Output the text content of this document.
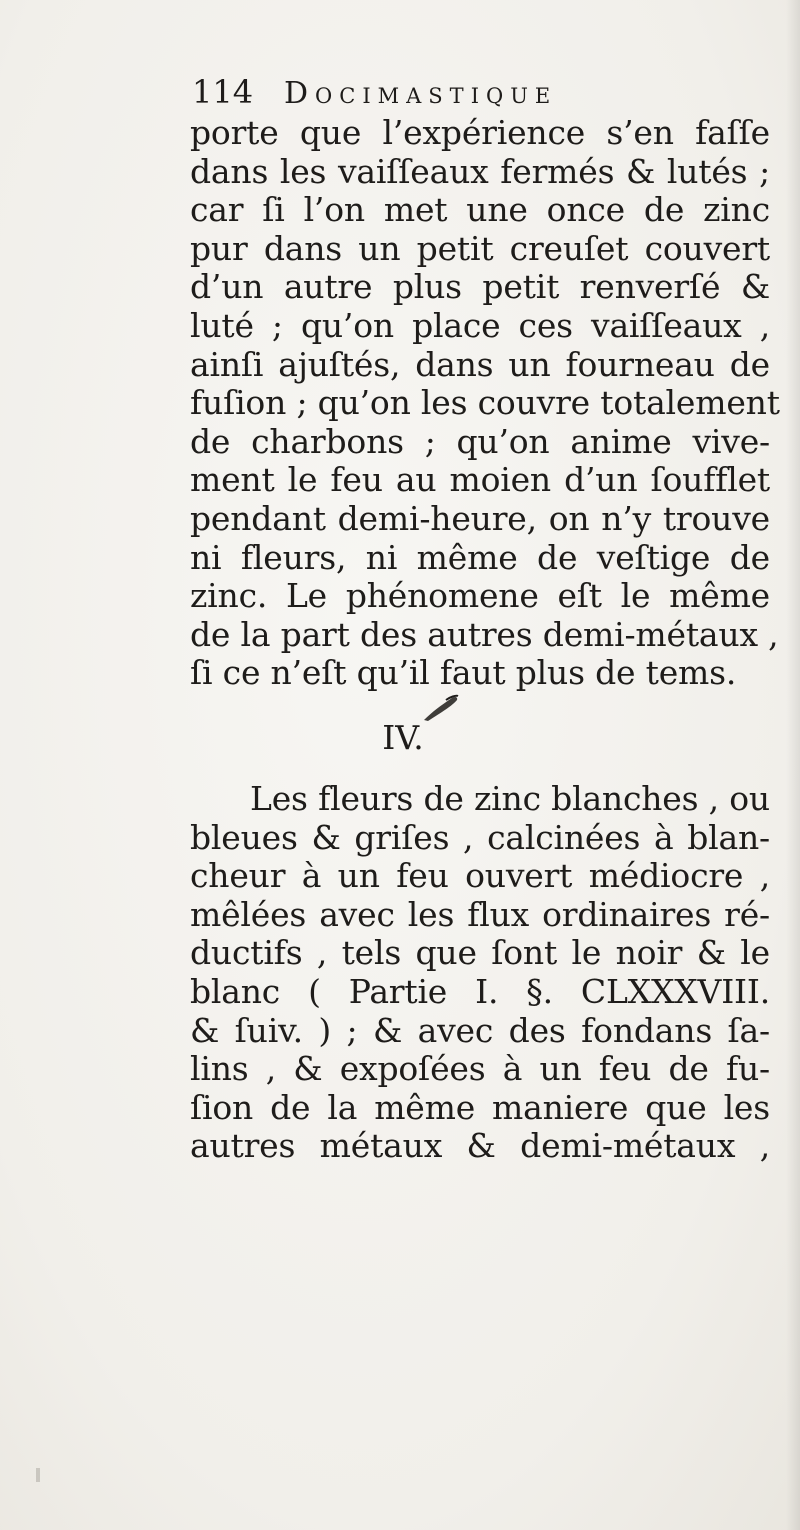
114 Docimastique
porte que l’expérience s’en faſſe
dans les vaiſſeaux fermés & lutés ;
car ſi l’on met une once de zinc
pur dans un petit creuſet couvert
d’un autre plus petit renverſé &
luté ; qu’on place ces vaiſſeaux ,
ainſi ajuſtés, dans un fourneau de
fuſion ; qu’on les couvre totalement
de charbons ; qu’on anime vive-
ment le feu au moien d’un ſoufflet
pendant demi-heure, on n’y trouve
ni fleurs, ni même de veſtige de
zinc. Le phénomene eſt le même
de la part des autres demi-métaux ,
ſi ce n’eſt qu’il faut plus de tems.
IV.
Les fleurs de zinc blanches , ou
bleues & griſes , calcinées à blan-
cheur à un feu ouvert médiocre ,
mêlées avec les flux ordinaires ré-
ductifs , tels que ſont le noir & le
blanc ( Partie I. §. CLXXXVIII.
& ſuiv. ) ; & avec des fondans ſa-
lins , & expoſées à un feu de fu-
ſion de la même maniere que les
autres métaux & demi-métaux ,
